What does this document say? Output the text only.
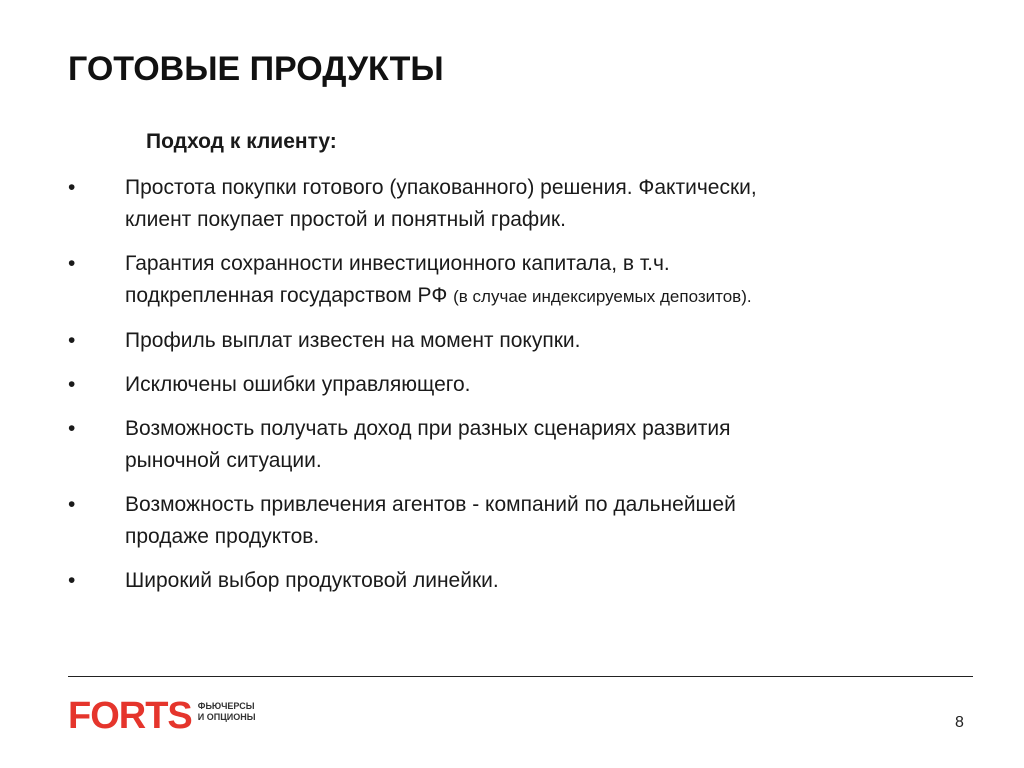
ГОТОВЫЕ ПРОДУКТЫ
Подход к клиенту:
•	Простота покупки готового (упакованного) решения. Фактически,
клиент покупает простой и понятный график.
•	Гарантия сохранности инвестиционного капитала, в т.ч.
подкрепленная государством РФ (в случае индексируемых депозитов).
•	Профиль выплат известен на момент покупки.
•	Исключены ошибки управляющего.
•	Возможность получать доход при разных сценариях развития
рыночной ситуации.
•	Возможность привлечения агентов - компаний по дальнейшей
продаже продуктов.
•	Широкий выбор продуктовой линейки.
FORTS ФЬЮЧЕРСЫ
И ОПЦИОНЫ	8
